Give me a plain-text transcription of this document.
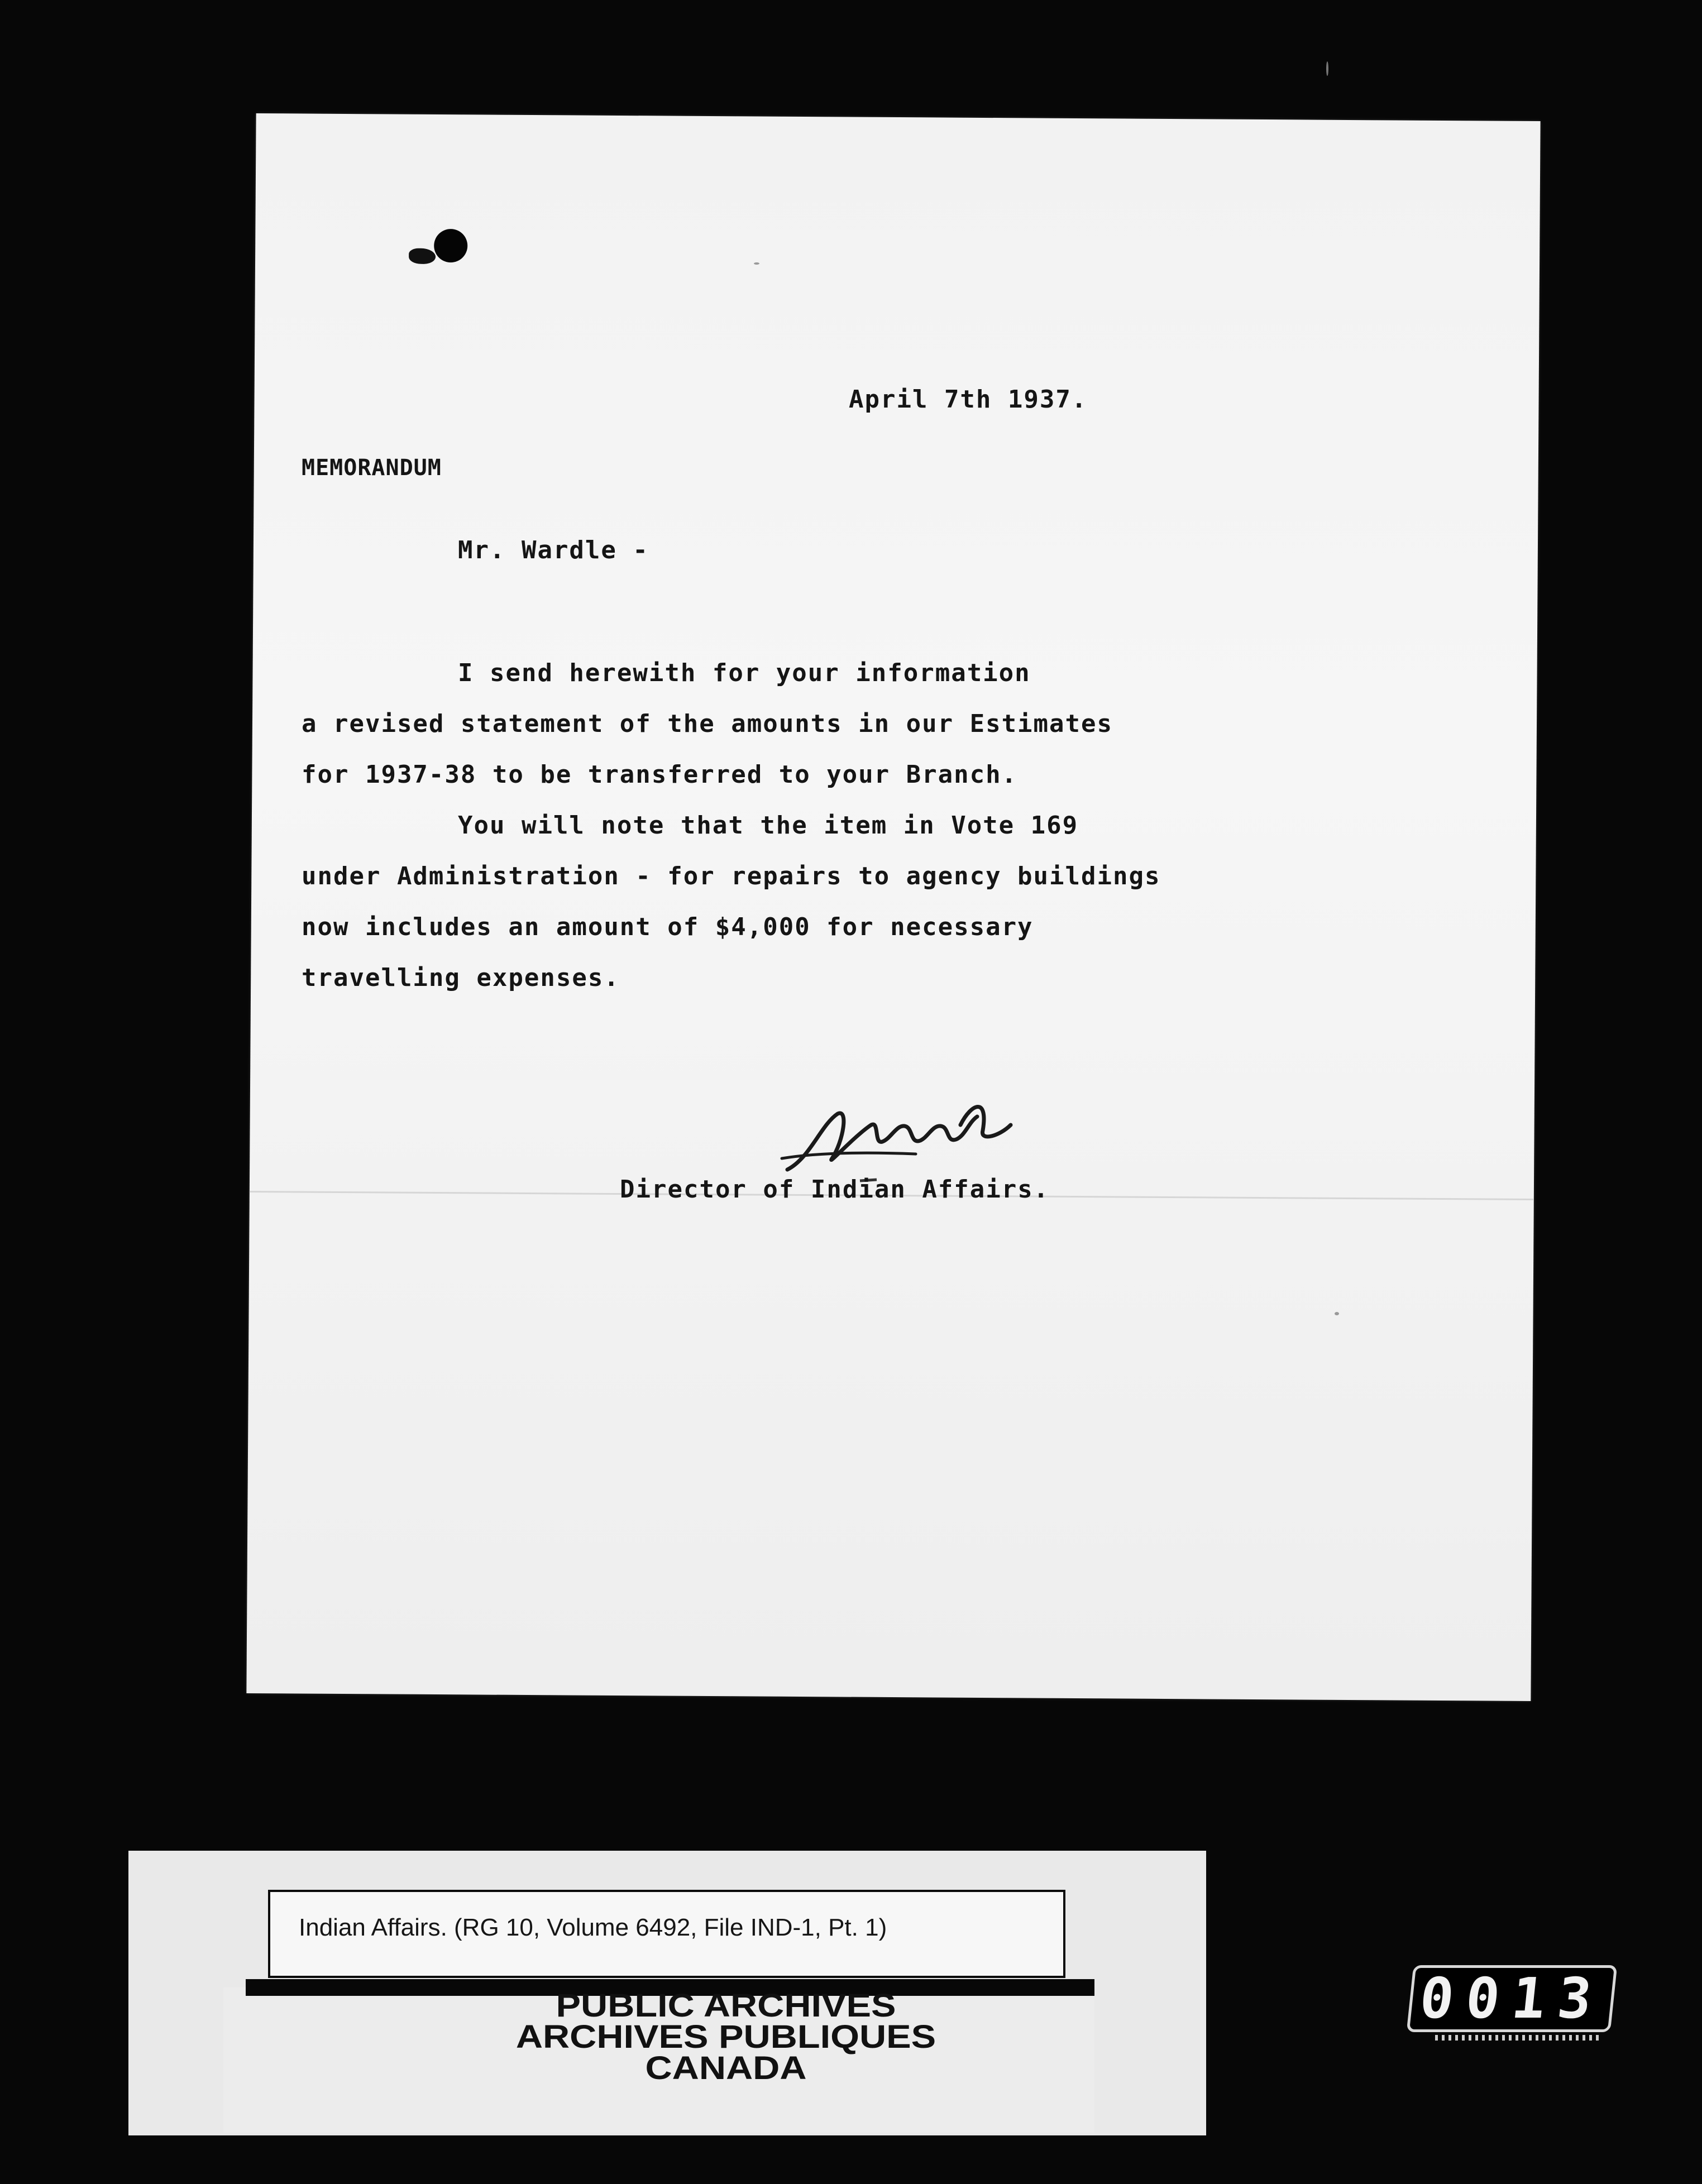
April 7th 1937.
MEMORANDUM
Mr. Wardle -
I send herewith for your information
a revised statement of the amounts in our Estimates
for 1937-38 to be transferred to your Branch.
You will note that the item in Vote 169
under Administration - for repairs to agency buildings
now includes an amount of $4,000 for necessary
travelling expenses.
Director of Indian Affairs.
Indian Affairs. (RG 10, Volume 6492, File IND-1, Pt. 1)
PUBLIC ARCHIVES
ARCHIVES PUBLIQUES
CANADA
0013
